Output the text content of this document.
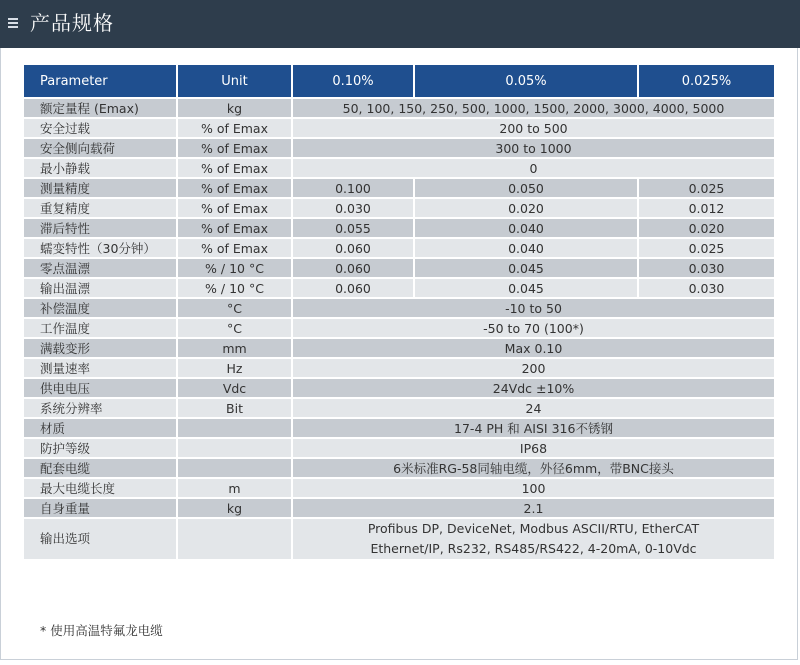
产品规格
Parameter	Unit	0.10%	0.05%	0.025%
额定量程 (Emax)	kg	50, 100, 150, 250, 500, 1000, 1500, 2000, 3000, 4000, 5000		
安全过载	% of Emax	200 to 500		
安全侧向载荷	% of Emax	300 to 1000		
最小静载	% of Emax	0		
测量精度	% of Emax	0.100	0.050	0.025
重复精度	% of Emax	0.030	0.020	0.012
滞后特性	% of Emax	0.055	0.040	0.020
蠕变特性（30分钟）	% of Emax	0.060	0.040	0.025
零点温漂	% / 10 °C	0.060	0.045	0.030
输出温漂	% / 10 °C	0.060	0.045	0.030
补偿温度	°C	-10 to 50		
工作温度	°C	-50 to 70 (100*)		
满载变形	mm	Max 0.10		
测量速率	Hz	200		
供电电压	Vdc	24Vdc ±10%		
系统分辨率	Bit	24		
材质		17-4 PH 和 AISI 316不锈钢		
防护等级		IP68		
配套电缆		6米标准RG-58同轴电缆，外径6mm，带BNC接头		
最大电缆长度	m	100		
自身重量	kg	2.1		
输出选项		Profibus DP, DeviceNet, Modbus ASCII/RTU, EtherCAT
Ethernet/IP, Rs232, RS485/RS422, 4-20mA, 0-10Vdc		
* 使用高温特氟龙电缆
